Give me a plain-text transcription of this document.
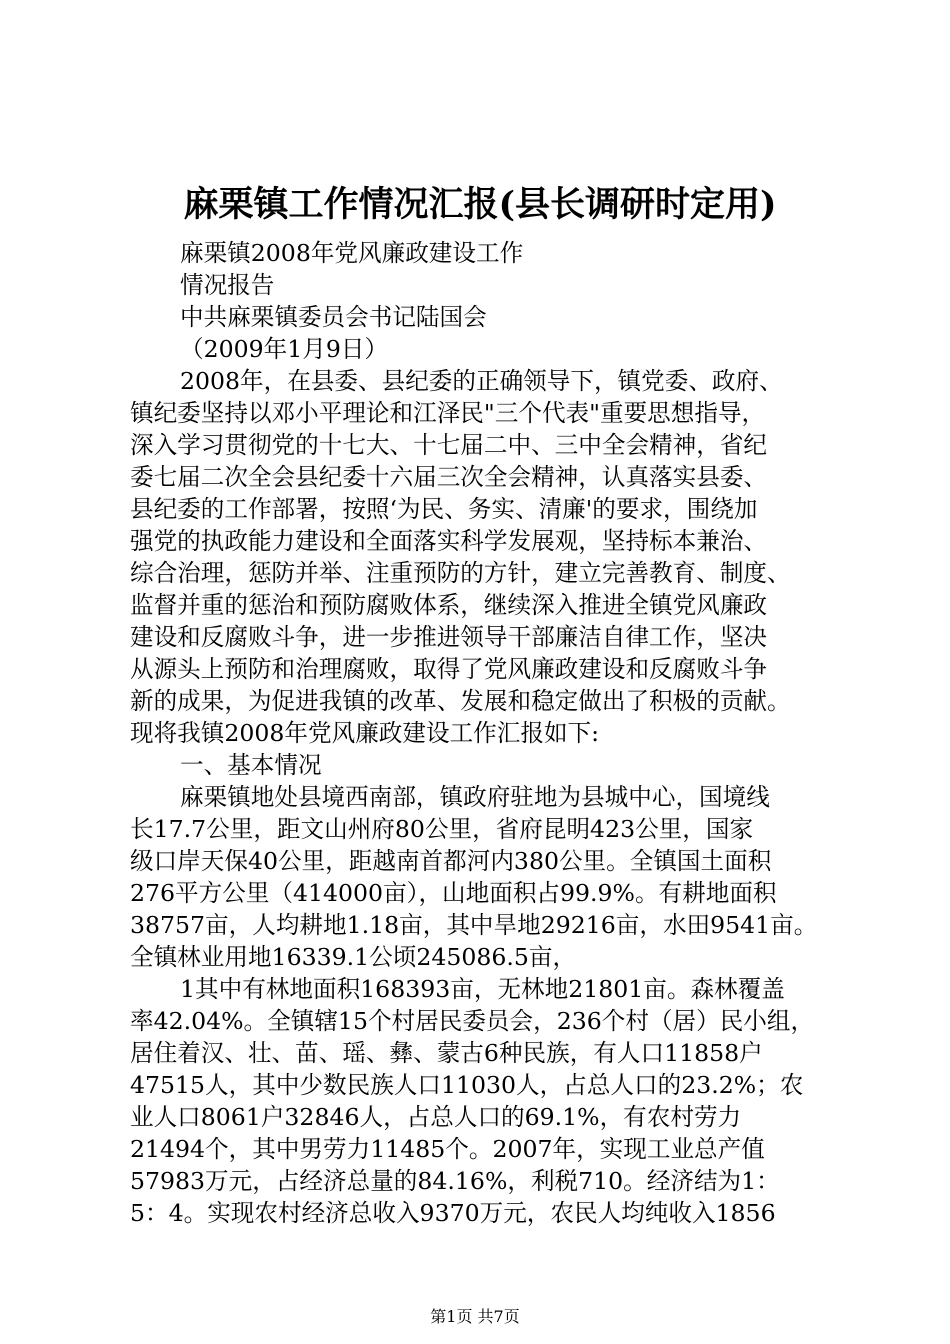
麻栗镇工作情况汇报(县长调研时定用)
麻栗镇2008年党风廉政建设工作
情况报告
中共麻栗镇委员会书记陆国会
（2009年1月9日）
2008年，在县委、县纪委的正确领导下，镇党委、政府、
镇纪委坚持以邓小平理论和江泽民"三个代表"重要思想指导，
深入学习贯彻党的十七大、十七届二中、三中全会精神，省纪
委七届二次全会县纪委十六届三次全会精神，认真落实县委、
县纪委的工作部署，按照‘为民、务实、清廉'的要求，围绕加
强党的执政能力建设和全面落实科学发展观，坚持标本兼治、
综合治理，惩防并举、注重预防的方针，建立完善教育、制度、
监督并重的惩治和预防腐败体系，继续深入推进全镇党风廉政
建设和反腐败斗争，进一步推进领导干部廉洁自律工作，坚决
从源头上预防和治理腐败，取得了党风廉政建设和反腐败斗争
新的成果，为促进我镇的改革、发展和稳定做出了积极的贡献。
现将我镇2008年党风廉政建设工作汇报如下:
一、基本情况
麻栗镇地处县境西南部，镇政府驻地为县城中心，国境线
长17.7公里，距文山州府80公里，省府昆明423公里，国家
级口岸天保40公里，距越南首都河内380公里。全镇国土面积
276平方公里（414000亩），山地面积占99.9%。有耕地面积
38757亩，人均耕地1.18亩，其中旱地29216亩，水田9541亩。
全镇林业用地16339.1公顷245086.5亩，
1其中有林地面积168393亩，无林地21801亩。森林覆盖
率42.04%。全镇辖15个村居民委员会，236个村（居）民小组，
居住着汉、壮、苗、瑶、彝、蒙古6种民族，有人口11858户
47515人，其中少数民族人口11030人，占总人口的23.2%；农
业人口8061户32846人，占总人口的69.1%，有农村劳力
21494个，其中男劳力11485个。2007年，实现工业总产值
57983万元，占经济总量的84.16%，利税710。经济结为1：
5：4。实现农村经济总收入9370万元，农民人均纯收入1856
第1页 共7页
